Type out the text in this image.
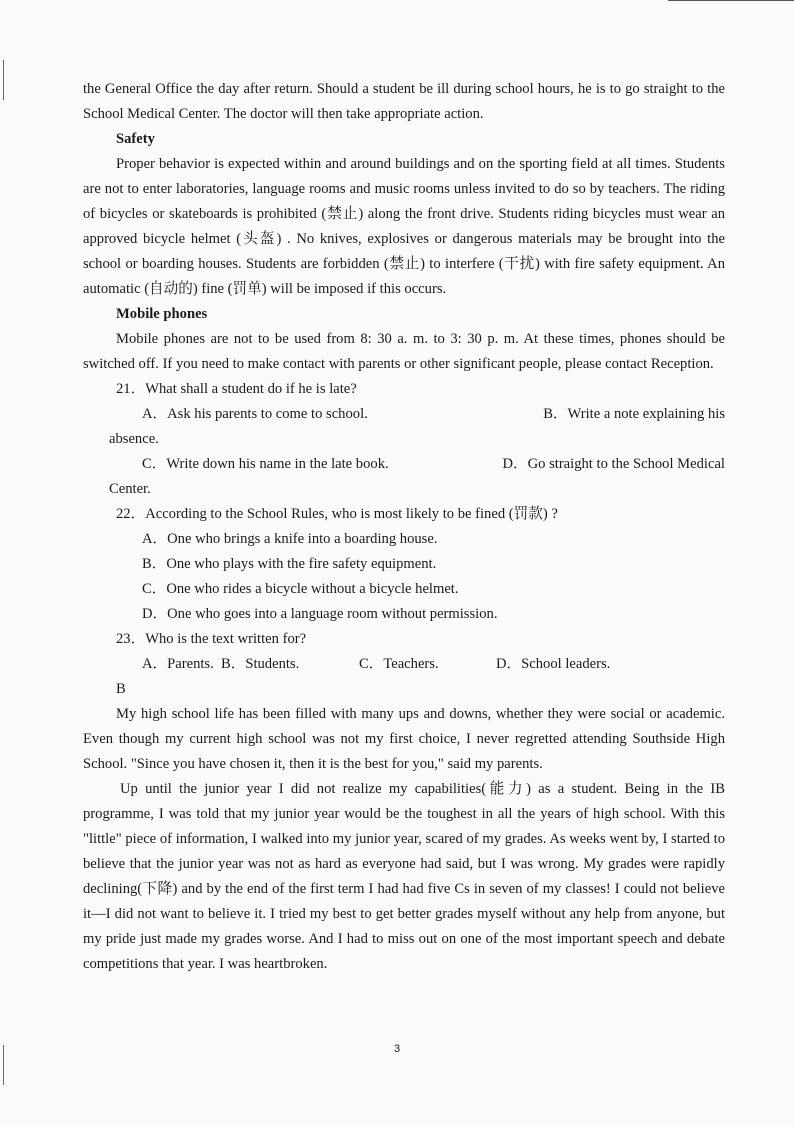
the General Office the day after return. Should a student be ill during school hours, he is to go straight to the School Medical Center. The doctor will then take appropriate action.

Safety

Proper behavior is expected within and around buildings and on the sporting field at all times. Students are not to enter laboratories, language rooms and music rooms unless invited to do so by teachers. The riding of bicycles or skateboards is prohibited (禁止) along the front drive. Students riding bicycles must wear an approved bicycle helmet (头盔) . No knives, explosives or dangerous materials may be brought into the school or boarding houses. Students are forbidden (禁止) to interfere (干扰) with fire safety equipment. An automatic (自动的) fine (罚单) will be imposed if this occurs.

Mobile phones

Mobile phones are not to be used from 8: 30 a. m. to 3: 30 p. m. At these times, phones should be switched off. If you need to make contact with parents or other significant people, please contact Reception.

21．What shall a student do if he is late?

A．Ask his parents to come to school.	B．Write a note explaining his

absence.

C．Write down his name in the late book.	D．Go straight to the School Medical

Center.

22．According to the School Rules, who is most likely to be fined (罚款) ?

A．One who brings a knife into a boarding house.

B．One who plays with the fire safety equipment.

C．One who rides a bicycle without a bicycle helmet.

D．One who goes into a language room without permission.

23．Who is the text written for?

A．Parents. B．Students.	C．Teachers.	D．School leaders.

B

My high school life has been filled with many ups and downs, whether they were social or academic. Even though my current high school was not my first choice, I never regretted attending Southside High School. "Since you have chosen it, then it is the best for you," said my parents.

Up until the junior year I did not realize my capabilities(能力) as a student. Being in the IB programme, I was told that my junior year would be the toughest in all the years of high school. With this "little" piece of information, I walked into my junior year, scared of my grades. As weeks went by, I started to believe that the junior year was not as hard as everyone had said, but I was wrong. My grades were rapidly declining(下降) and by the end of the first term I had had five Cs in seven of my classes! I could not believe it—I did not want to believe it. I tried my best to get better grades myself without any help from anyone, but my pride just made my grades worse. And I had to miss out on one of the most important speech and debate competitions that year. I was heartbroken.

3
